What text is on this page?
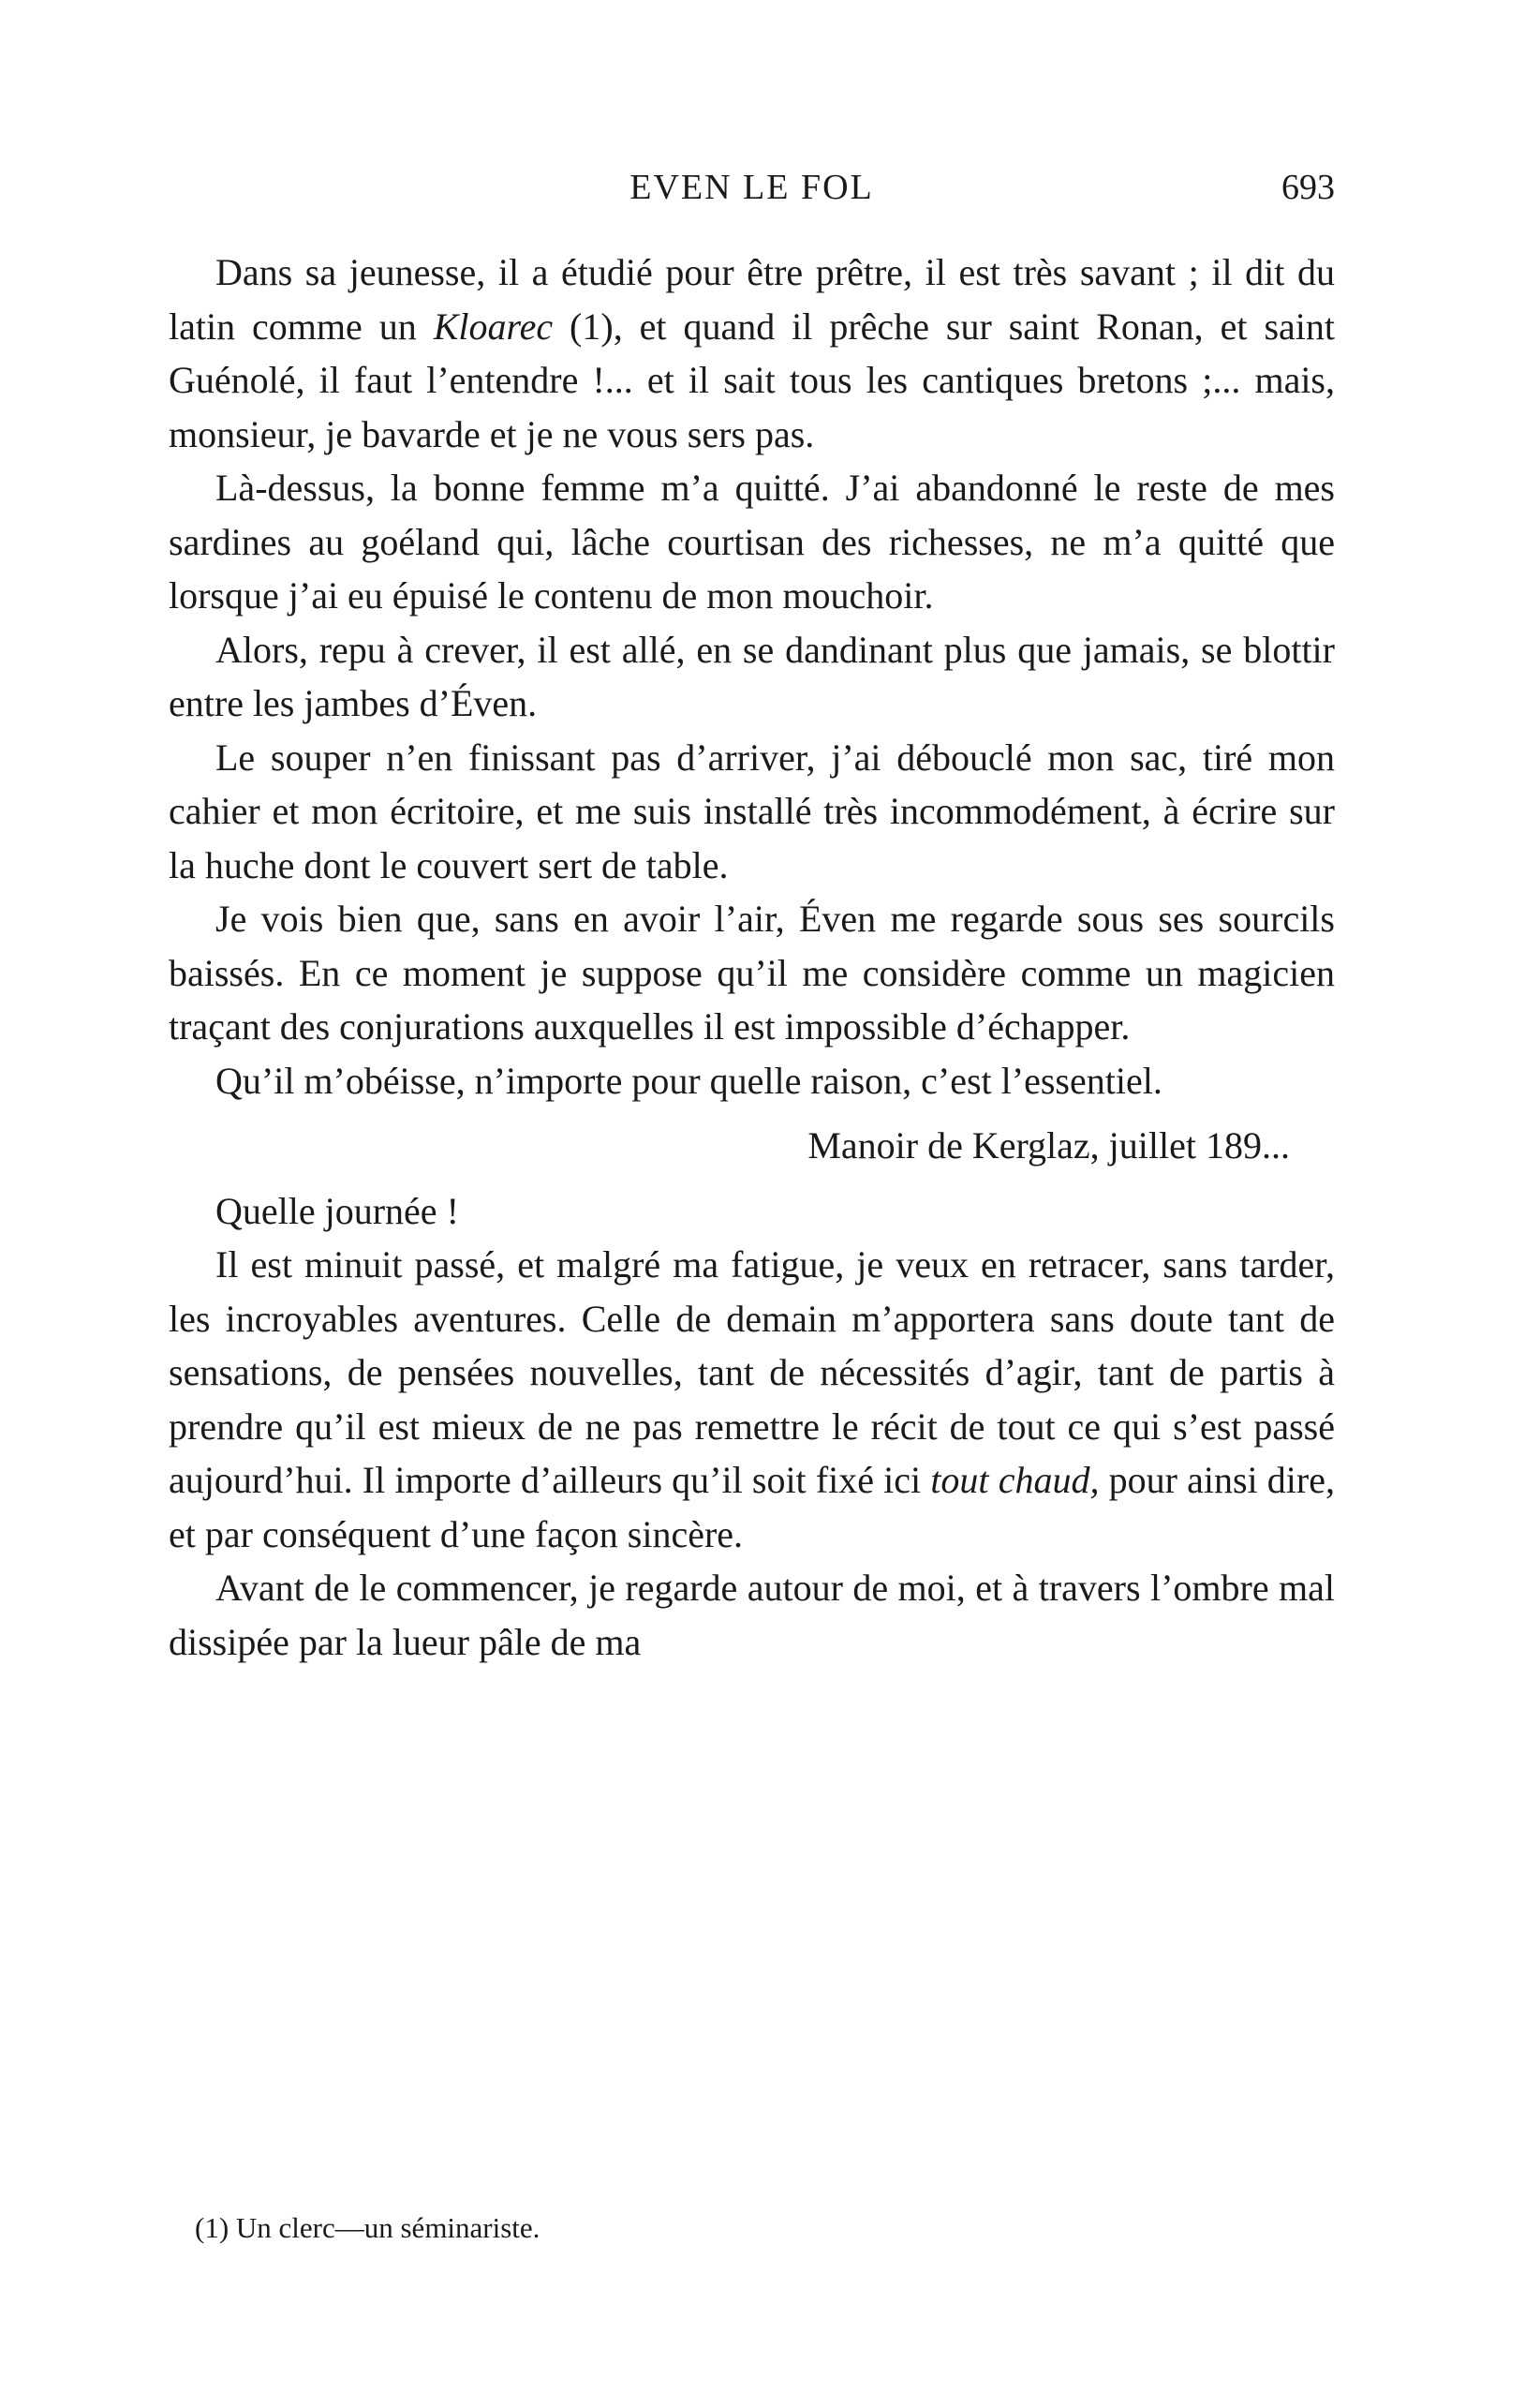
EVEN LE FOL	693

Dans sa jeunesse, il a étudié pour être prêtre, il est très savant ; il dit du latin comme un Kloarec (1), et quand il prêche sur saint Ronan, et saint Guénolé, il faut l’entendre !... et il sait tous les cantiques bretons ;... mais, monsieur, je bavarde et je ne vous sers pas.

Là-dessus, la bonne femme m’a quitté. J’ai abandonné le reste de mes sardines au goéland qui, lâche courtisan des richesses, ne m’a quitté que lorsque j’ai eu épuisé le contenu de mon mouchoir.

Alors, repu à crever, il est allé, en se dandinant plus que jamais, se blottir entre les jambes d’Éven.

Le souper n’en finissant pas d’arriver, j’ai débouclé mon sac, tiré mon cahier et mon écritoire, et me suis installé très incommodément, à écrire sur la huche dont le couvert sert de table.

Je vois bien que, sans en avoir l’air, Éven me regarde sous ses sourcils baissés. En ce moment je suppose qu’il me considère comme un magicien traçant des conjurations auxquelles il est impossible d’échapper.

Qu’il m’obéisse, n’importe pour quelle raison, c’est l’essentiel.

Manoir de Kerglaz, juillet 189...

Quelle journée !

Il est minuit passé, et malgré ma fatigue, je veux en retracer, sans tarder, les incroyables aventures. Celle de demain m’apportera sans doute tant de sensations, de pensées nouvelles, tant de nécessités d’agir, tant de partis à prendre qu’il est mieux de ne pas remettre le récit de tout ce qui s’est passé aujourd’hui. Il importe d’ailleurs qu’il soit fixé ici tout chaud, pour ainsi dire, et par conséquent d’une façon sincère.

Avant de le commencer, je regarde autour de moi, et à travers l’ombre mal dissipée par la lueur pâle de ma

(1) Un clerc—un séminariste.
